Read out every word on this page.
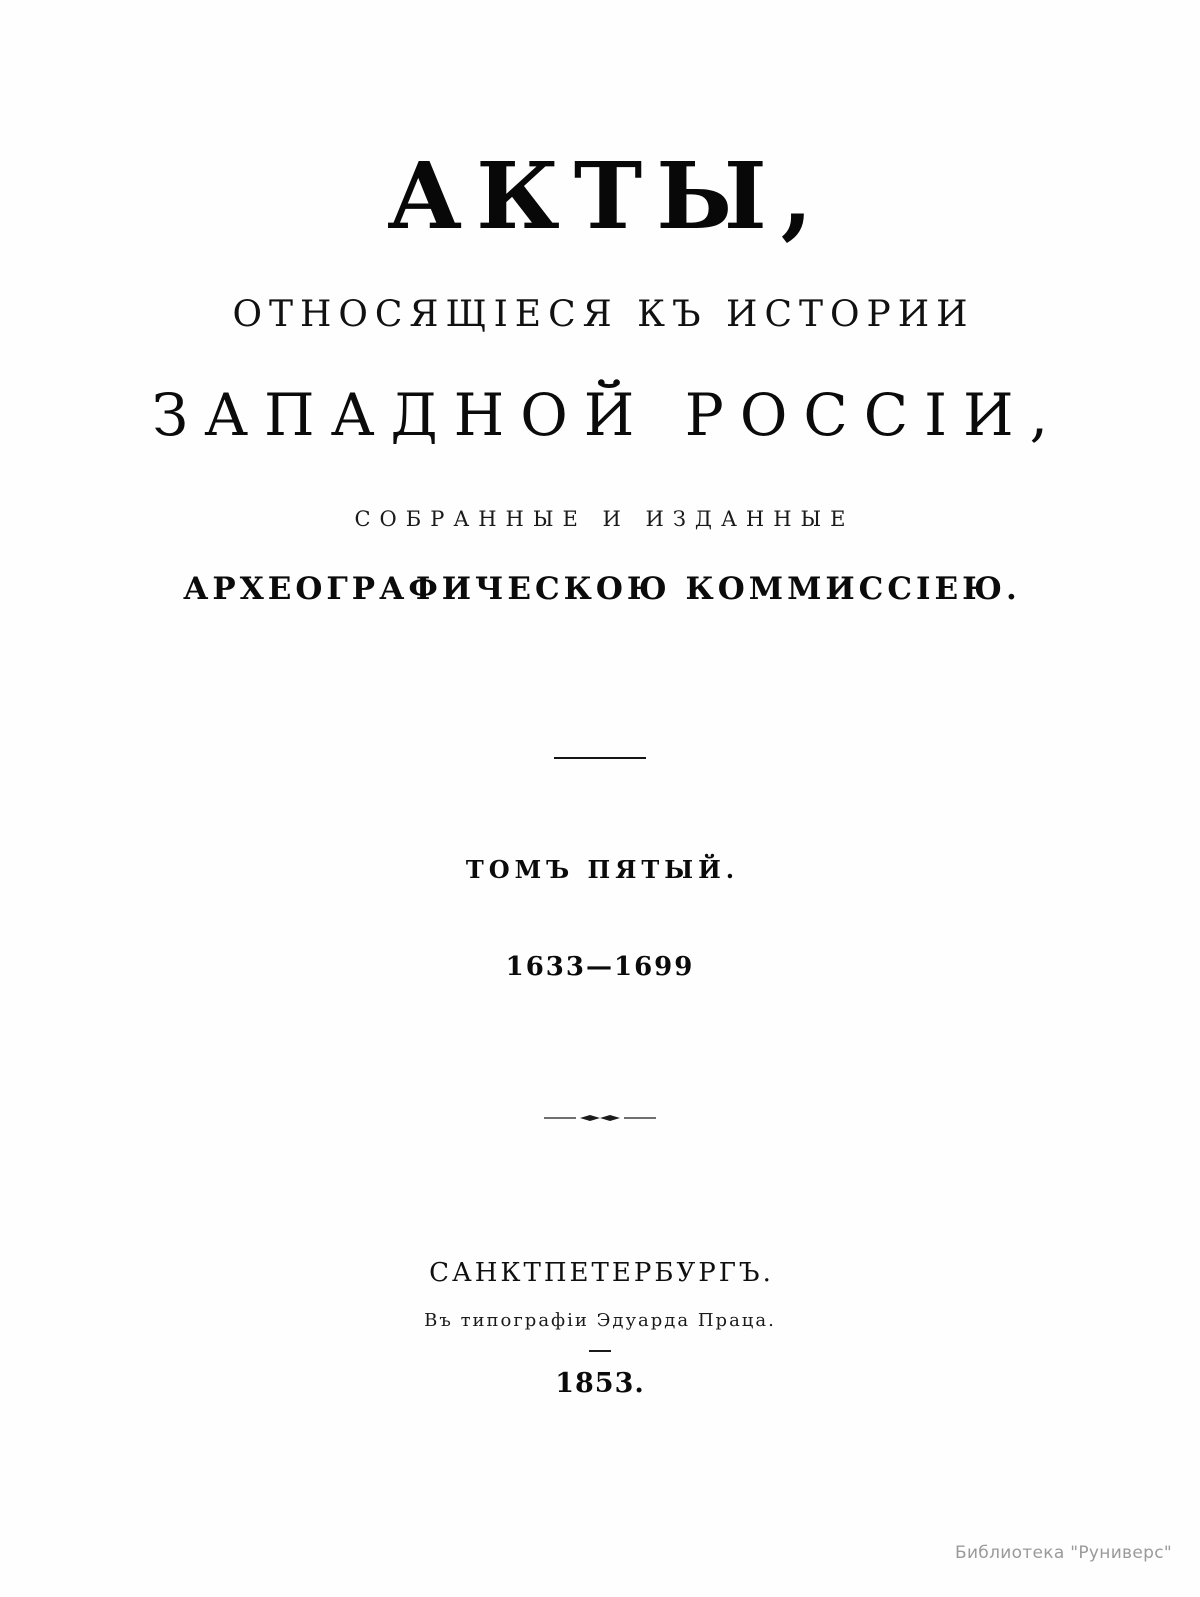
АКТЫ,
ОТНОСЯЩІЕСЯ КЪ ИСТОРИИ
ЗАПАДНОЙ РОССІИ,
СОБРАННЫЕ И ИЗДАННЫЕ
АРХЕОГРАФИЧЕСКОЮ КОММИССІЕЮ.
ТОМЪ ПЯТЫЙ.
1633—1699
САНКТПЕТЕРБУРГЪ.
Въ типографіи Эдуарда Праца.
1853.
Библиотека "Руниверс"
